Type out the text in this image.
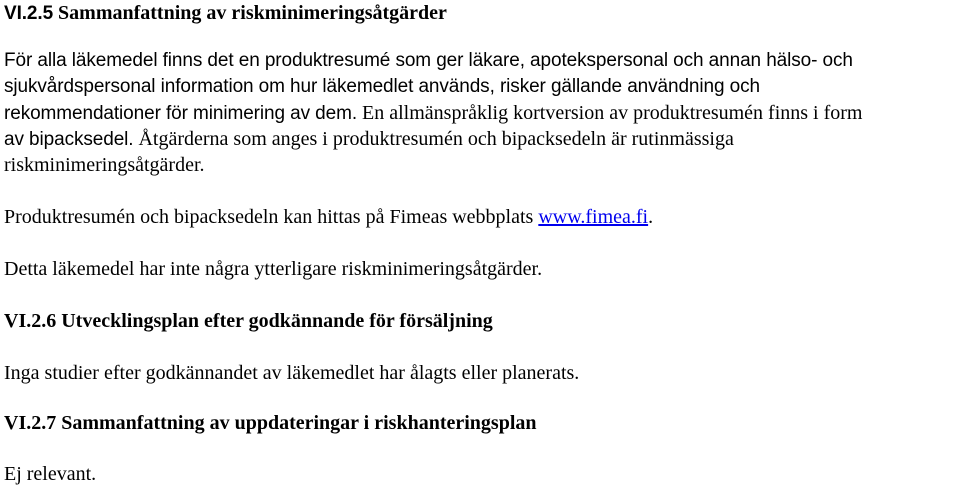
VI.2.5 Sammanfattning av riskminimeringsåtgärder
För alla läkemedel finns det en produktresumé som ger läkare, apotekspersonal och annan hälso- och
sjukvårdspersonal information om hur läkemedlet används, risker gällande användning och
rekommendationer för minimering av dem. En allmänspråklig kortversion av produktresumén finns i form
av bipacksedel. Åtgärderna som anges i produktresumén och bipacksedeln är rutinmässiga
riskminimeringsåtgärder.
Produktresumén och bipacksedeln kan hittas på Fimeas webbplats www.fimea.fi.
Detta läkemedel har inte några ytterligare riskminimeringsåtgärder.
VI.2.6 Utvecklingsplan efter godkännande för försäljning
Inga studier efter godkännandet av läkemedlet har ålagts eller planerats.
VI.2.7 Sammanfattning av uppdateringar i riskhanteringsplan
Ej relevant.
